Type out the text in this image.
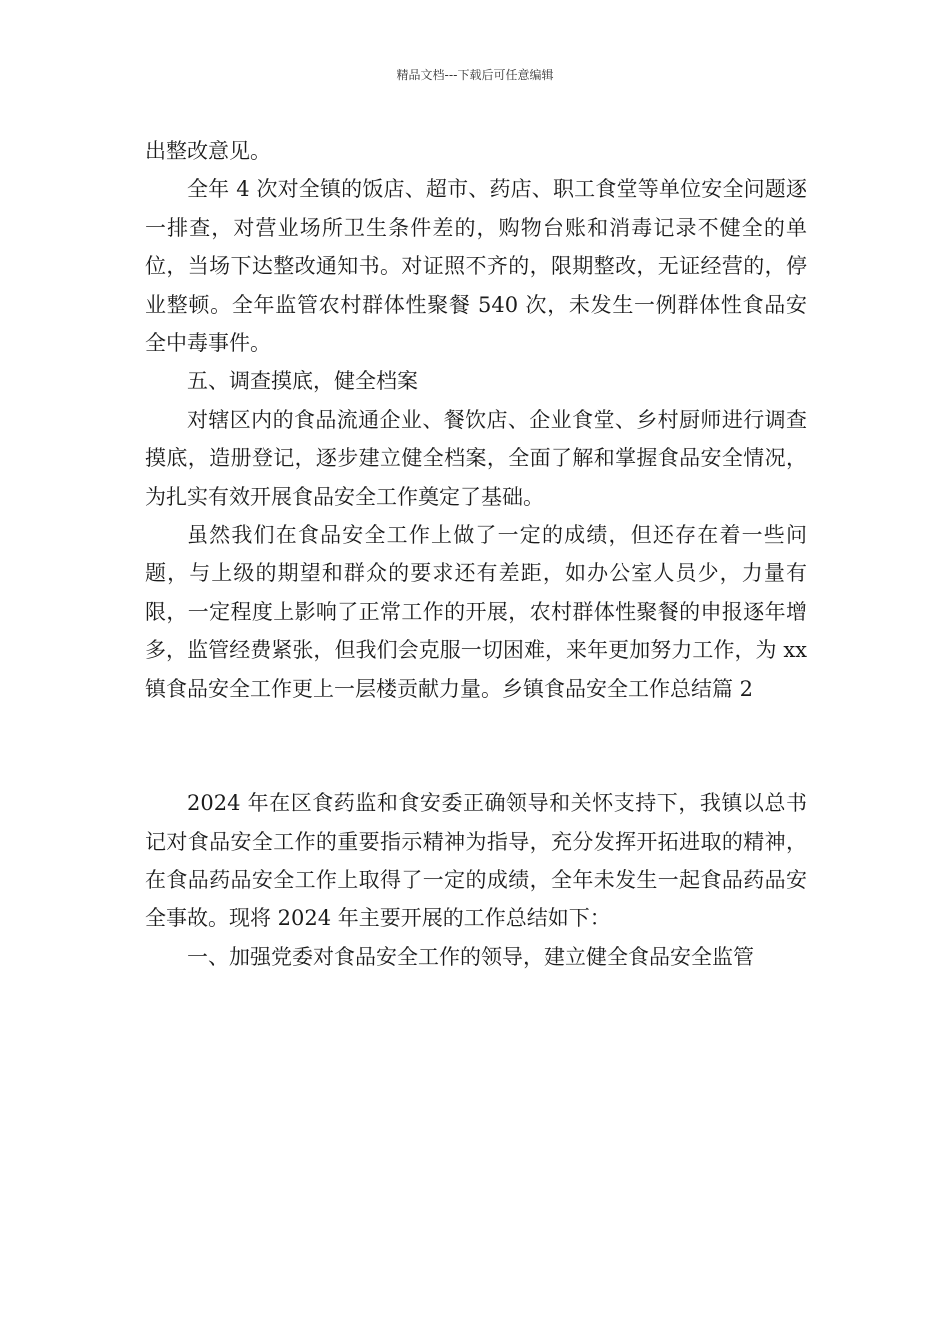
精品文档---下载后可任意编辑

出整改意见。

全年 4 次对全镇的饭店、超市、药店、职工食堂等单位安全问题逐一排查，对营业场所卫生条件差的，购物台账和消毒记录不健全的单位，当场下达整改通知书。对证照不齐的，限期整改，无证经营的，停业整顿。全年监管农村群体性聚餐 540 次，未发生一例群体性食品安全中毒事件。

五、调查摸底，健全档案

对辖区内的食品流通企业、餐饮店、企业食堂、乡村厨师进行调查摸底，造册登记，逐步建立健全档案，全面了解和掌握食品安全情况，为扎实有效开展食品安全工作奠定了基础。

虽然我们在食品安全工作上做了一定的成绩，但还存在着一些问题，与上级的期望和群众的要求还有差距，如办公室人员少，力量有限，一定程度上影响了正常工作的开展，农村群体性聚餐的申报逐年增多，监管经费紧张，但我们会克服一切困难，来年更加努力工作，为 xx 镇食品安全工作更上一层楼贡献力量。乡镇食品安全工作总结篇 2

2024 年在区食药监和食安委正确领导和关怀支持下，我镇以总书记对食品安全工作的重要指示精神为指导，充分发挥开拓进取的精神，在食品药品安全工作上取得了一定的成绩，全年未发生一起食品药品安全事故。现将 2024 年主要开展的工作总结如下：

一、加强党委对食品安全工作的领导，建立健全食品安全监管
